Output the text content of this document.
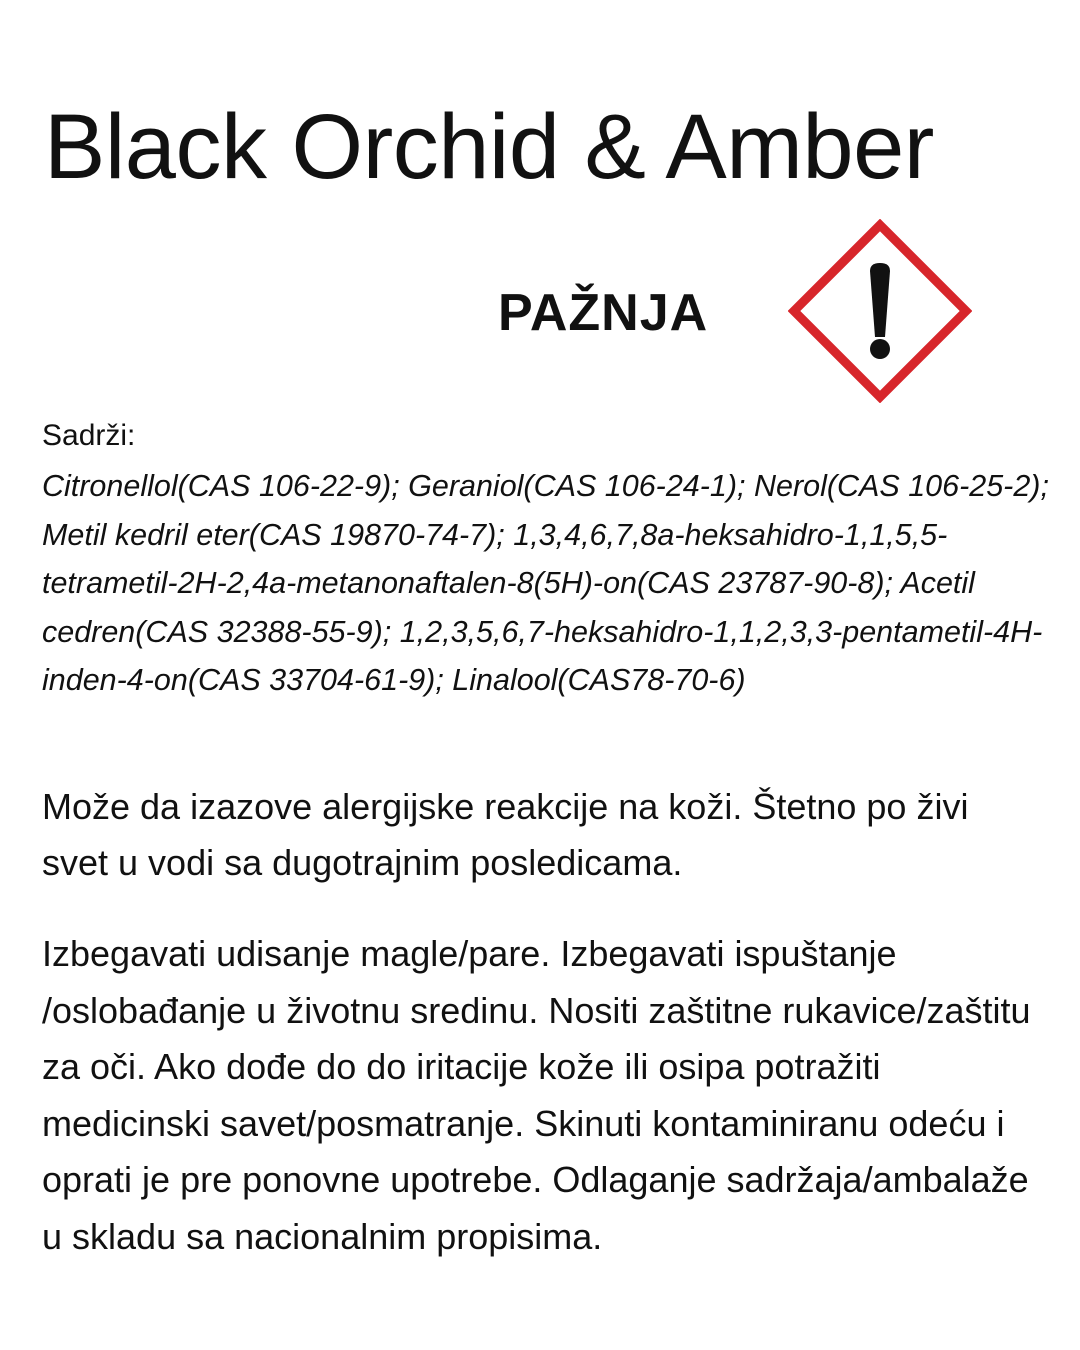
Black Orchid & Amber
PAŽNJA
Sadrži:

Citronellol(CAS 106-22-9); Geraniol(CAS 106-24-1); Nerol(CAS 106-25-2); Metil kedril eter(CAS 19870-74-7); 1,3,4,6,7,8a-heksahidro-1,1,5,5-tetrametil-2H-2,4a-metanonaftalen-8(5H)-on(CAS 23787-90-8); Acetil cedren(CAS 32388-55-9); 1,2,3,5,6,7-heksahidro-1,1,2,3,3-pentametil-4H-inden-4-on(CAS 33704-61-9); Linalool(CAS78-70-6)

Može da izazove alergijske reakcije na koži. Štetno po živi svet u vodi sa dugotrajnim posledicama.

Izbegavati udisanje magle/pare. Izbegavati ispuštanje /oslobađanje u životnu sredinu. Nositi zaštitne rukavice/zaštitu za oči. Ako dođe do do iritacije kože ili osipa potražiti medicinski savet/posmatranje. Skinuti kontaminiranu odeću i oprati je pre ponovne upotrebe. Odlaganje sadržaja/ambalaže u skladu sa nacionalnim propisima.
